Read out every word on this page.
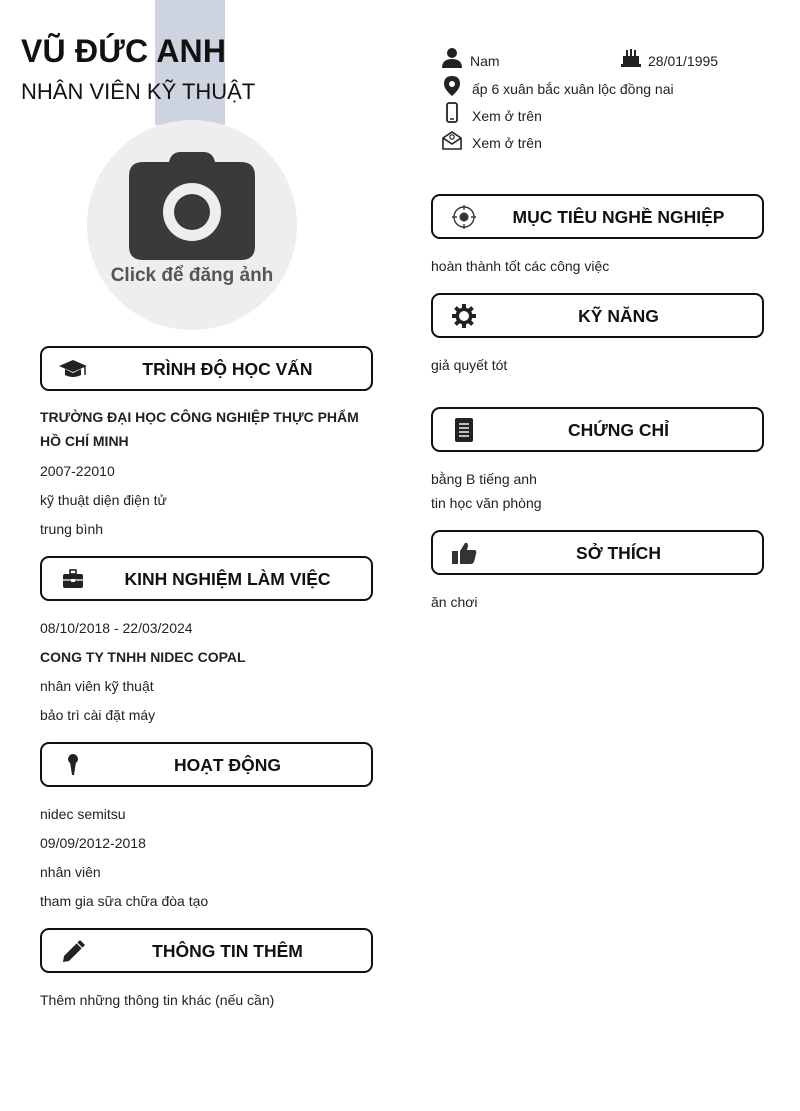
VŨ ĐỨC ANH
NHÂN VIÊN KỸ THUẬT
Click để đăng ảnh
Nam	28/01/1995
ấp 6 xuân bắc xuân lộc đồng nai
Xem ở trên
Xem ở trên
TRÌNH ĐỘ HỌC VẤN
TRƯỜNG ĐẠI HỌC CÔNG NGHIỆP THỰC PHẨM HỒ CHÍ MINH
2007-22010
kỹ thuật diện điện tử
trung bình
KINH NGHIỆM LÀM VIỆC
08/10/2018 - 22/03/2024
CONG TY TNHH NIDEC COPAL
nhân viên kỹ thuật
bảo trì cài đặt máy
HOẠT ĐỘNG
nidec semitsu
09/09/2012-2018
nhân viên
tham gia sữa chữa đòa tạo
THÔNG TIN THÊM
Thêm những thông tin khác (nếu cần)
MỤC TIÊU NGHỀ NGHIỆP
hoàn thành tốt các công việc
KỸ NĂNG
giả quyết tót
CHỨNG CHỈ
bằng B tiếng anh
tin học văn phòng
SỞ THÍCH
ăn chơi
